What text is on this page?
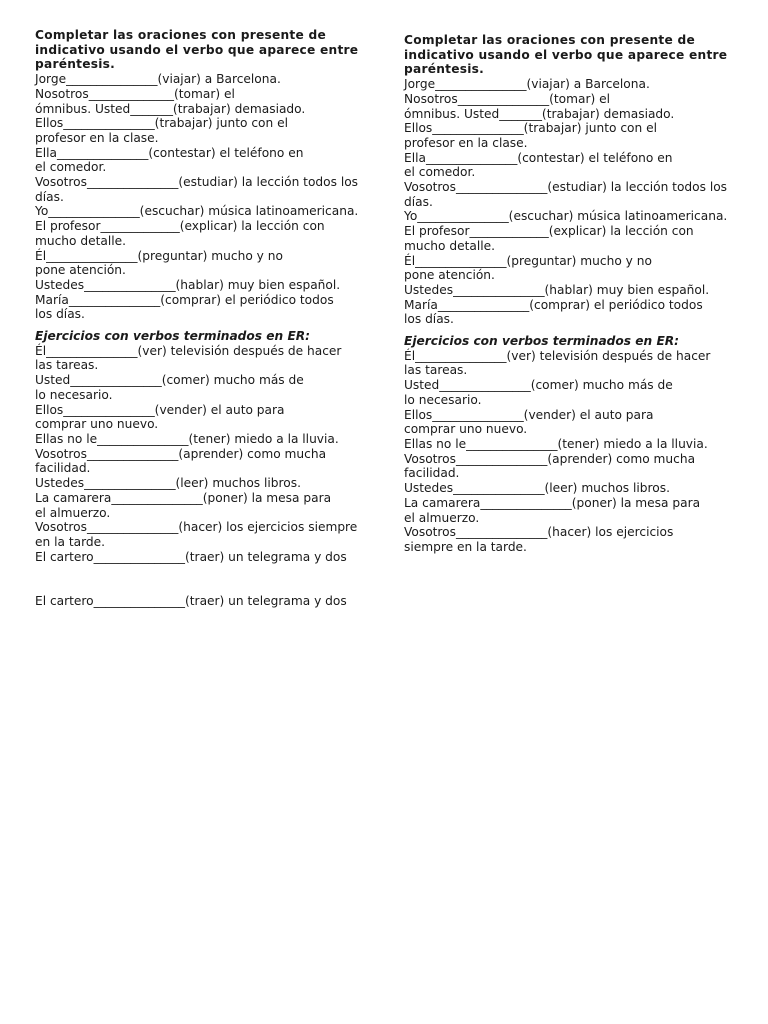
Completar las oraciones con presente de indicativo usando el verbo que aparece entre paréntesis.

Jorge_______________(viajar) a Barcelona.

Nosotros______________(tomar) el

ómnibus. Usted_______(trabajar) demasiado.

Ellos_______________(trabajar) junto con el

profesor en la clase.

Ella_______________(contestar) el teléfono en

el comedor.

Vosotros_______________(estudiar) la lección todos los

días.

Yo_______________(escuchar) música latinoamericana.

El profesor_____________(explicar) la lección con

mucho detalle.

Él_______________(preguntar) mucho y no

pone atención.

Ustedes_______________(hablar) muy bien español.

María_______________(comprar) el periódico todos

los días.

Ejercicios con verbos terminados en ER:

Él_______________(ver) televisión después de hacer

las tareas.

Usted_______________(comer) mucho más de

lo necesario.

Ellos_______________(vender) el auto para

comprar uno nuevo.

Ellas no le_______________(tener) miedo a la lluvia.

Vosotros_______________(aprender) como mucha

facilidad.

Ustedes_______________(leer) muchos libros.

La camarera_______________(poner) la mesa para

el almuerzo.

Vosotros_______________(hacer) los ejercicios siempre

en la tarde.

El cartero_______________(traer) un telegrama y dos

El cartero_______________(traer) un telegrama y dos

Completar las oraciones con presente de indicativo usando el verbo que aparece entre paréntesis.

Jorge_______________(viajar) a Barcelona.

Nosotros_______________(tomar) el

ómnibus. Usted_______(trabajar) demasiado.

Ellos_______________(trabajar) junto con el

profesor en la clase.

Ella_______________(contestar) el teléfono en

el comedor.

Vosotros_______________(estudiar) la lección todos los

días.

Yo_______________(escuchar) música latinoamericana.

El profesor_____________(explicar) la lección con

mucho detalle.

Él_______________(preguntar) mucho y no

pone atención.

Ustedes_______________(hablar) muy bien español.

María_______________(comprar) el periódico todos

los días.

Ejercicios con verbos terminados en ER:

Él_______________(ver) televisión después de hacer

las tareas.

Usted_______________(comer) mucho más de

lo necesario.

Ellos_______________(vender) el auto para

comprar uno nuevo.

Ellas no le_______________(tener) miedo a la lluvia.

Vosotros_______________(aprender) como mucha

facilidad.

Ustedes_______________(leer) muchos libros.

La camarera_______________(poner) la mesa para

el almuerzo.

Vosotros_______________(hacer) los ejercicios

siempre en la tarde.
